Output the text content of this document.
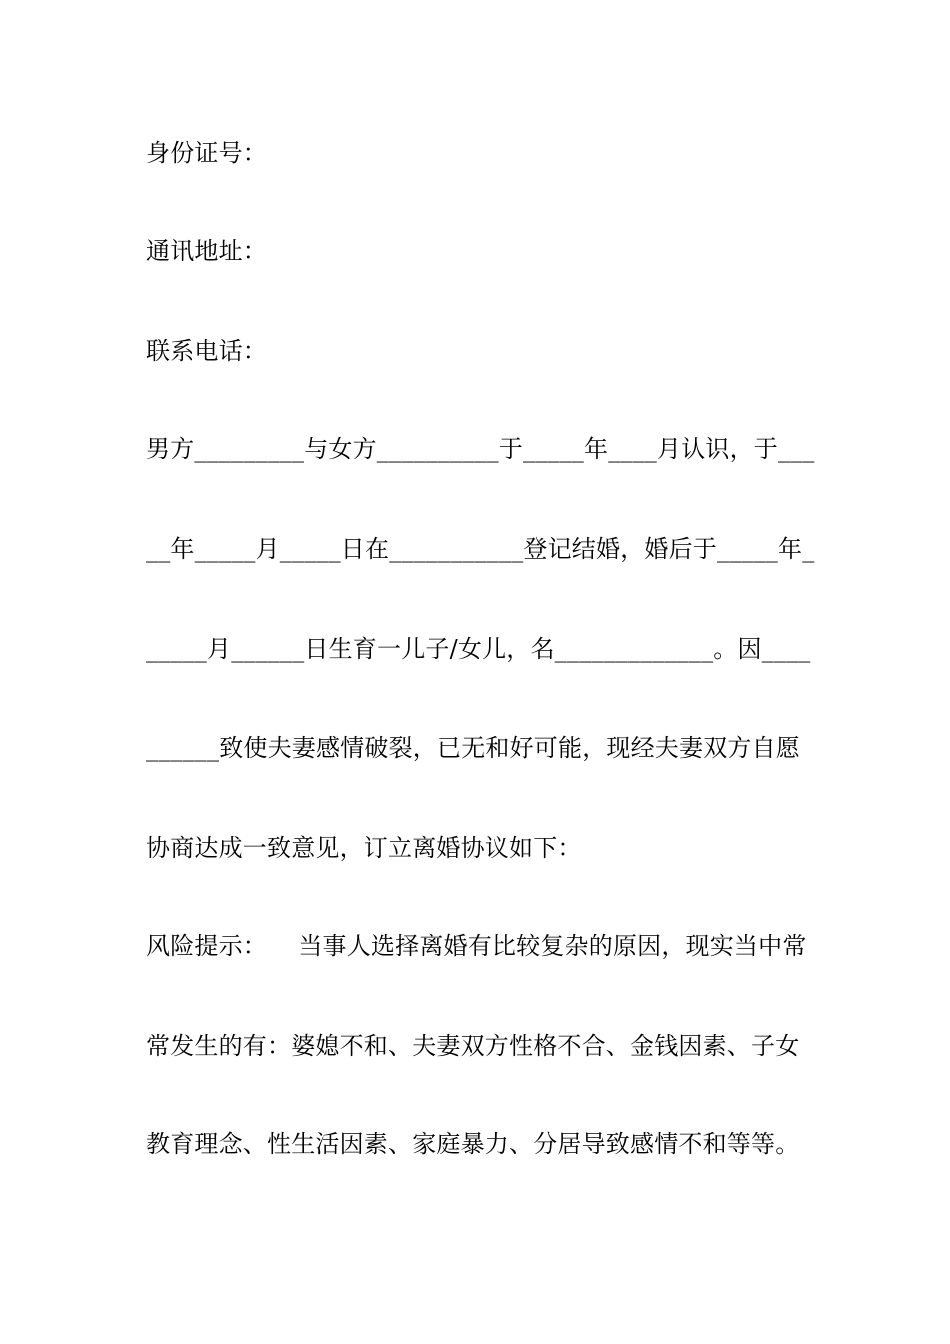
身份证号：
通讯地址：
联系电话：
男方_________与女方__________于_____年____月认识，于___
__年_____月_____日在___________登记结婚，婚后于_____年_
_____月______日生育一儿子/女儿，名_____________。因____
______致使夫妻感情破裂，已无和好可能，现经夫妻双方自愿
协商达成一致意见，订立离婚协议如下：
风险提示：    当事人选择离婚有比较复杂的原因，现实当中常
常发生的有：婆媳不和、夫妻双方性格不合、金钱因素、子女
教育理念、性生活因素、家庭暴力、分居导致感情不和等等。
